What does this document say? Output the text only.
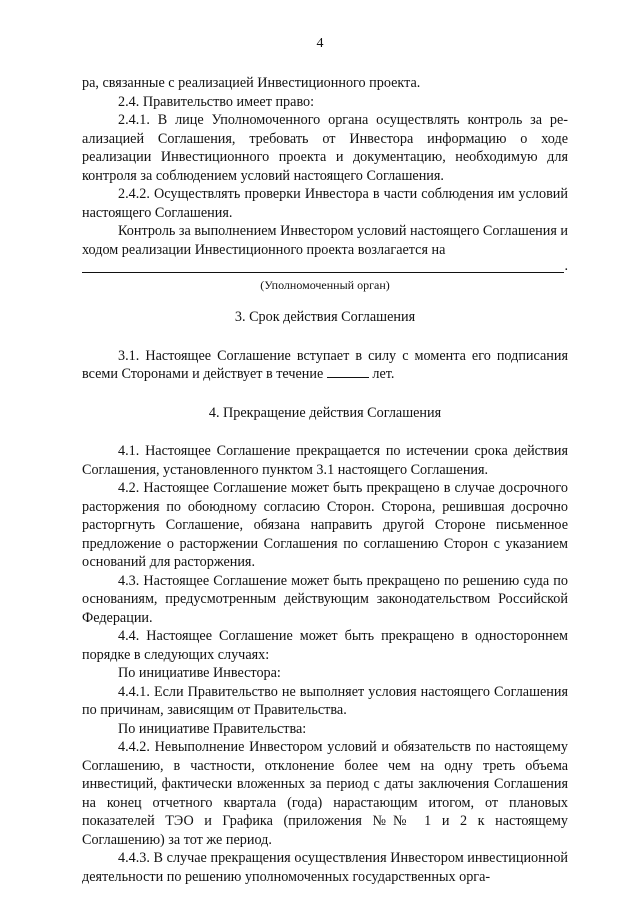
4

ра, связанные с реализацией Инвестиционного проекта.

2.4. Правительство имеет право:

2.4.1. В лице Уполномоченного органа осуществлять контроль за ре-ализацией Соглашения, требовать от Инвестора информацию о ходе реализации Инвестиционного проекта и документацию, необходимую для контроля за соблюдением условий настоящего Соглашения.

2.4.2. Осуществлять проверки Инвестора в части соблюдения им условий настоящего Соглашения.

Контроль за выполнением Инвестором условий настоящего Соглашения и ходом реализации Инвестиционного проекта возлагается на

.
(Уполномоченный орган)

3. Срок действия Соглашения

3.1. Настоящее Соглашение вступает в силу с момента его подписания всеми Сторонами и действует в течение	лет.

4. Прекращение действия Соглашения

4.1. Настоящее Соглашение прекращается по истечении срока действия Соглашения, установленного пунктом 3.1 настоящего Соглашения.

4.2. Настоящее Соглашение может быть прекращено в случае досрочного расторжения по обоюдному согласию Сторон. Сторона, решившая досрочно расторгнуть Соглашение, обязана направить другой Стороне письменное предложение о расторжении Соглашения по соглашению Сторон с указанием оснований для расторжения.

4.3. Настоящее Соглашение может быть прекращено по решению суда по основаниям, предусмотренным действующим законодательством Российской Федерации.

4.4. Настоящее Соглашение может быть прекращено в одностороннем порядке в следующих случаях:

По инициативе Инвестора:

4.4.1. Если Правительство не выполняет условия настоящего Соглашения по причинам, зависящим от Правительства.

По инициативе Правительства:

4.4.2. Невыполнение Инвестором условий и обязательств по настоящему Соглашению, в частности, отклонение более чем на одну треть объема инвестиций, фактически вложенных за период с даты заключения Соглашения на конец отчетного квартала (года) нарастающим итогом, от плановых показателей ТЭО и Графика (приложения №№ 1 и 2 к настоящему Соглашению) за тот же период.

4.4.3. В случае прекращения осуществления Инвестором инвестиционной деятельности по решению уполномоченных государственных орга-
